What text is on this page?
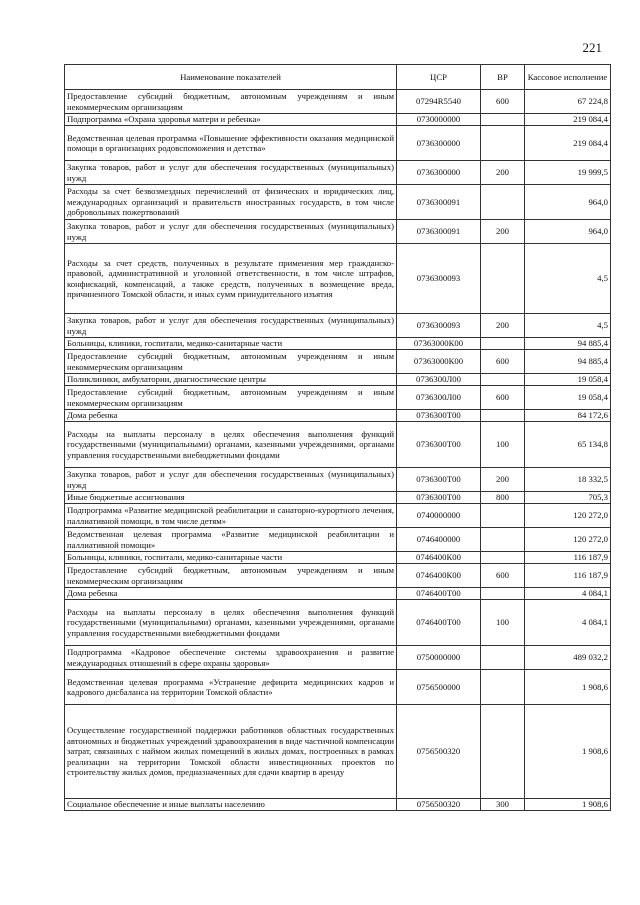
221
Наименование показателей	ЦСР	ВР	Кассовое исполнение
Предоставление субсидий бюджетным, автономным учреждениям и иным некоммерческим организациям	07294R5540	600	67 224,8
Подпрограмма «Охрана здоровья матери и ребенка»	0730000000		219 084,4
Ведомственная целевая программа «Повышение эффективности оказания медицинской помощи в организациях родовспоможения и детства»	0736300000		219 084,4
Закупка товаров, работ и услуг для обеспечения государственных (муниципальных) нужд	0736300000	200	19 999,5
Расходы за счет безвозмездных перечислений от физических и юридических лиц, международных организаций и правительств иностранных государств, в том числе добровольных пожертвований	0736300091		964,0
Закупка товаров, работ и услуг для обеспечения государственных (муниципальных) нужд	0736300091	200	964,0
Расходы за счет средств, полученных в результате применения мер гражданско-правовой, административной и уголовной ответственности, в том числе штрафов, конфискаций, компенсаций, а также средств, полученных в возмещение вреда, причиненного Томской области, и иных сумм принудительного изъятия	0736300093		4,5
Закупка товаров, работ и услуг для обеспечения государственных (муниципальных) нужд	0736300093	200	4,5
Больницы, клиники, госпитали, медико-санитарные части	07363000К00		94 885,4
Предоставление субсидий бюджетным, автономным учреждениям и иным некоммерческим организациям	07363000К00	600	94 885,4
Поликлиники, амбулатории, диагностические центры	0736300Л00		19 058,4
Предоставление субсидий бюджетным, автономным учреждениям и иным некоммерческим организациям	0736300Л00	600	19 058,4
Дома ребенка	0736300Т00		84 172,6
Расходы на выплаты персоналу в целях обеспечения выполнения функций государственными (муниципальными) органами, казенными учреждениями, органами управления государственными внебюджетными фондами	0736300Т00	100	65 134,8
Закупка товаров, работ и услуг для обеспечения государственных (муниципальных) нужд	0736300Т00	200	18 332,5
Иные бюджетные ассигнования	0736300Т00	800	705,3
Подпрограмма «Развитие медицинской реабилитации и санаторно-курортного лечения, паллиативной помощи, в том числе детям»	0740000000		120 272,0
Ведомственная целевая программа «Развитие медицинской реабилитации и паллиативной помощи»	0746400000		120 272,0
Больницы, клиники, госпитали, медико-санитарные части	0746400К00		116 187,9
Предоставление субсидий бюджетным, автономным учреждениям и иным некоммерческим организациям	0746400К00	600	116 187,9
Дома ребенка	0746400Т00		4 084,1
Расходы на выплаты персоналу в целях обеспечения выполнения функций государственными (муниципальными) органами, казенными учреждениями, органами управления государственными внебюджетными фондами	0746400Т00	100	4 084,1
Подпрограмма «Кадровое обеспечение системы здравоохранения и развитие международных отношений в сфере охраны здоровья»	0750000000		489 032,2
Ведомственная целевая программа «Устранение дефицита медицинских кадров и кадрового дисбаланса на территории Томской области»	0756500000		1 908,6
Осуществление государственной поддержки работников областных государственных автономных и бюджетных учреждений здравоохранения в виде частичной компенсации затрат, связанных с наймом жилых помещений в жилых домах, построенных в рамках реализации на территории Томской области инвестиционных проектов по строительству жилых домов, предназначенных для сдачи квартир в аренду	0756500320		1 908,6
Социальное обеспечение и иные выплаты населению	0756500320	300	1 908,6
